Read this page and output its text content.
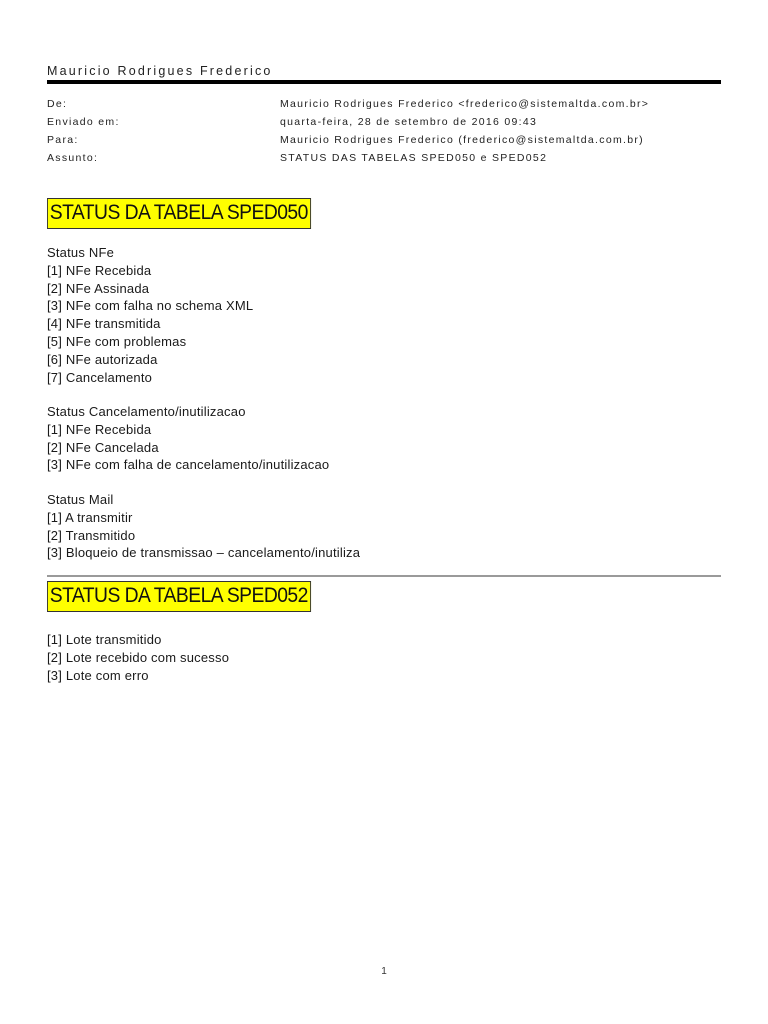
Mauricio Rodrigues Frederico
De:	Mauricio Rodrigues Frederico <frederico@sistemaltda.com.br>
Enviado em:	quarta-feira, 28 de setembro de 2016 09:43
Para:	Mauricio Rodrigues Frederico (frederico@sistemaltda.com.br)
Assunto:	STATUS DAS TABELAS SPED050 e SPED052
STATUS DA TABELA SPED050
Status NFe
[1] NFe Recebida
[2] NFe Assinada
[3] NFe com falha no schema XML
[4] NFe transmitida
[5] NFe com problemas
[6] NFe autorizada
[7] Cancelamento
Status Cancelamento/inutilizacao
[1] NFe Recebida
[2] NFe Cancelada
[3] NFe com falha de cancelamento/inutilizacao
Status Mail
[1] A transmitir
[2] Transmitido
[3] Bloqueio de transmissao – cancelamento/inutiliza
STATUS DA TABELA SPED052
[1] Lote transmitido
[2] Lote recebido com sucesso
[3] Lote com erro
1
